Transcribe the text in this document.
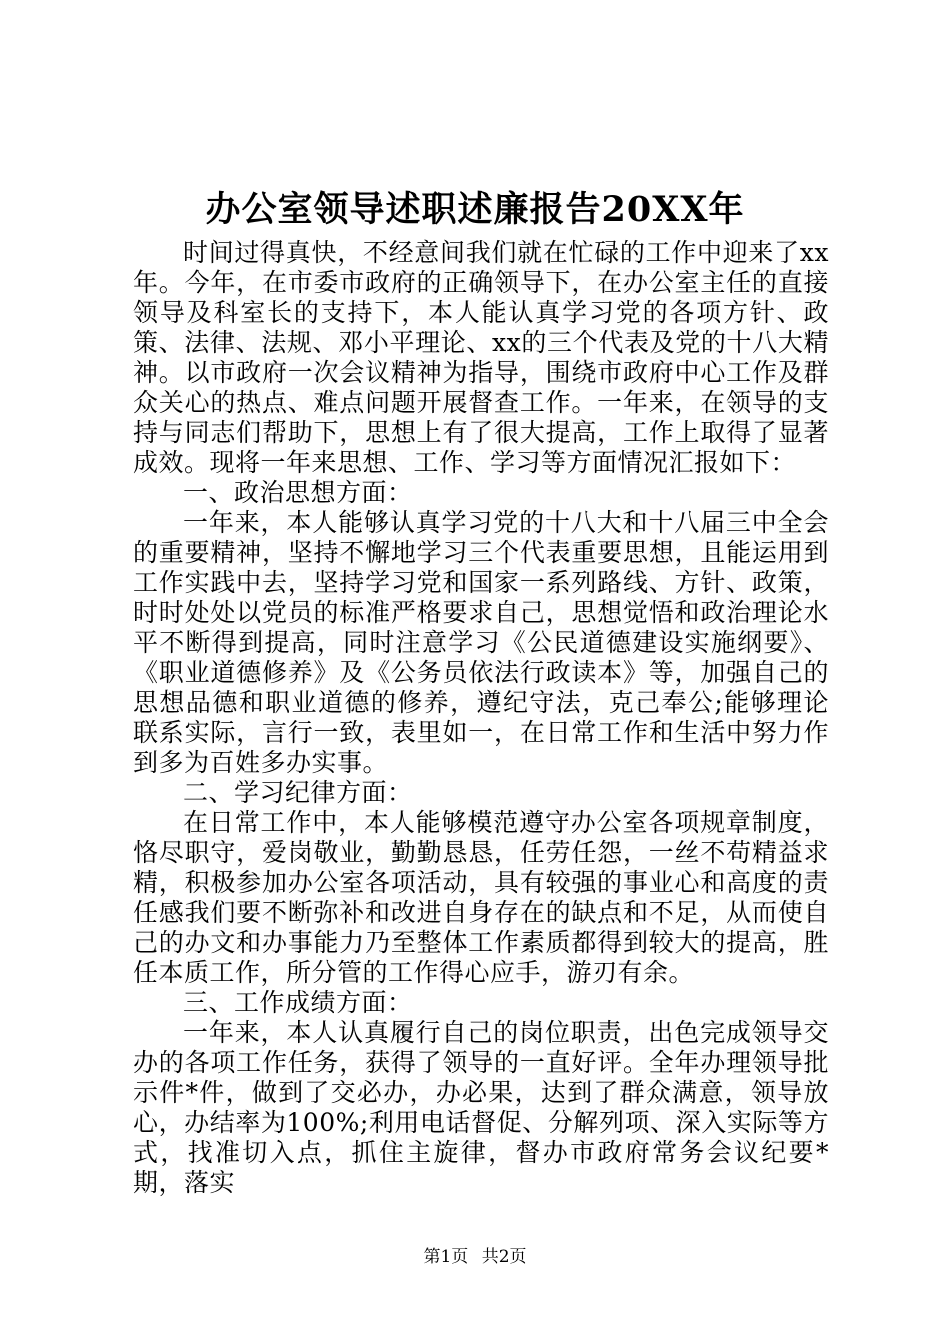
办公室领导述职述廉报告20XX年

时间过得真快，不经意间我们就在忙碌的工作中迎来了xx年。今年，在市委市政府的正确领导下，在办公室主任的直接领导及科室长的支持下，本人能认真学习党的各项方针、政策、法律、法规、邓小平理论、xx的三个代表及党的十八大精神。以市政府一次会议精神为指导，围绕市政府中心工作及群众关心的热点、难点问题开展督查工作。一年来，在领导的支持与同志们帮助下，思想上有了很大提高，工作上取得了显著成效。现将一年来思想、工作、学习等方面情况汇报如下：

一、政治思想方面：

一年来，本人能够认真学习党的十八大和十八届三中全会的重要精神，坚持不懈地学习三个代表重要思想，且能运用到工作实践中去，坚持学习党和国家一系列路线、方针、政策，时时处处以党员的标准严格要求自己，思想觉悟和政治理论水平不断得到提高，同时注意学习《公民道德建设实施纲要》、《职业道德修养》及《公务员依法行政读本》等，加强自己的思想品德和职业道德的修养，遵纪守法，克己奉公;能够理论联系实际，言行一致，表里如一，在日常工作和生活中努力作到多为百姓多办实事。

二、学习纪律方面：

在日常工作中，本人能够模范遵守办公室各项规章制度，恪尽职守，爱岗敬业，勤勤恳恳，任劳任怨，一丝不苟精益求精，积极参加办公室各项活动，具有较强的事业心和高度的责任感我们要不断弥补和改进自身存在的缺点和不足，从而使自己的办文和办事能力乃至整体工作素质都得到较大的提高，胜任本质工作，所分管的工作得心应手，游刃有余。

三、工作成绩方面：

一年来，本人认真履行自己的岗位职责，出色完成领导交办的各项工作任务，获得了领导的一直好评。全年办理领导批示件*件，做到了交必办，办必果，达到了群众满意，领导放心，办结率为100%;利用电话督促、分解列项、深入实际等方式，找准切入点，抓住主旋律，督办市政府常务会议纪要*期，落实

第1页 共2页
